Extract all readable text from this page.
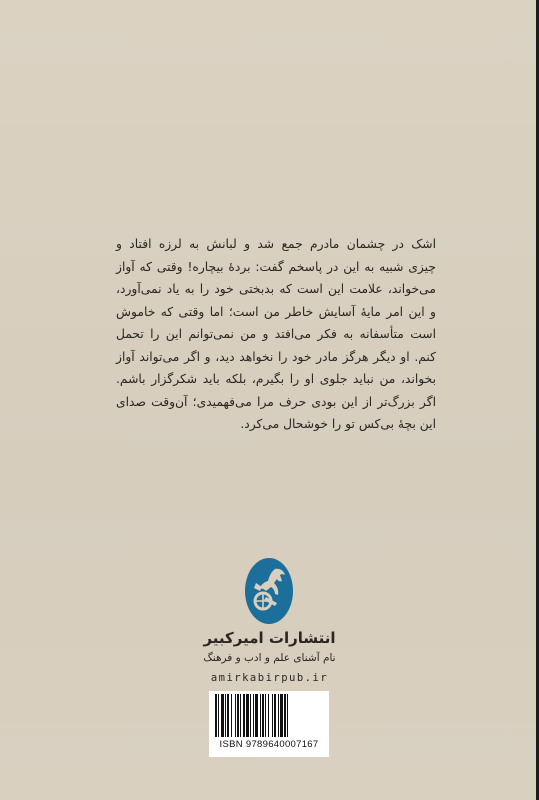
اشک در چشمان مادرم جمع شد و لبانش به لرزه افتاد و
چیزی شبیه به این در پاسخم گفت: بردهٔ بیچاره! وقتی که آواز
می‌خواند، علامت این است که بدبختی خود را به یاد نمی‌آورد،
و این امر مایهٔ آسایش خاطر من است؛ اما وقتی که خاموش
است متأسفانه به فکر می‌افتد و من نمی‌توانم این را تحمل
کنم. او دیگر هرگز مادر خود را نخواهد دید، و اگر می‌تواند آواز
بخواند، من نباید جلوی او را بگیرم، بلکه باید شکرگزار باشم.
اگر بزرگ‌تر از این بودی حرف مرا می‌فهمیدی؛ آن‌وقت صدای
این بچهٔ بی‌کس تو را خوشحال می‌کرد.

انتشارات امیرکبیر

نام آشنای علم و ادب و فرهنگ

amirkabirpub.ir

ISBN 9789640007167
